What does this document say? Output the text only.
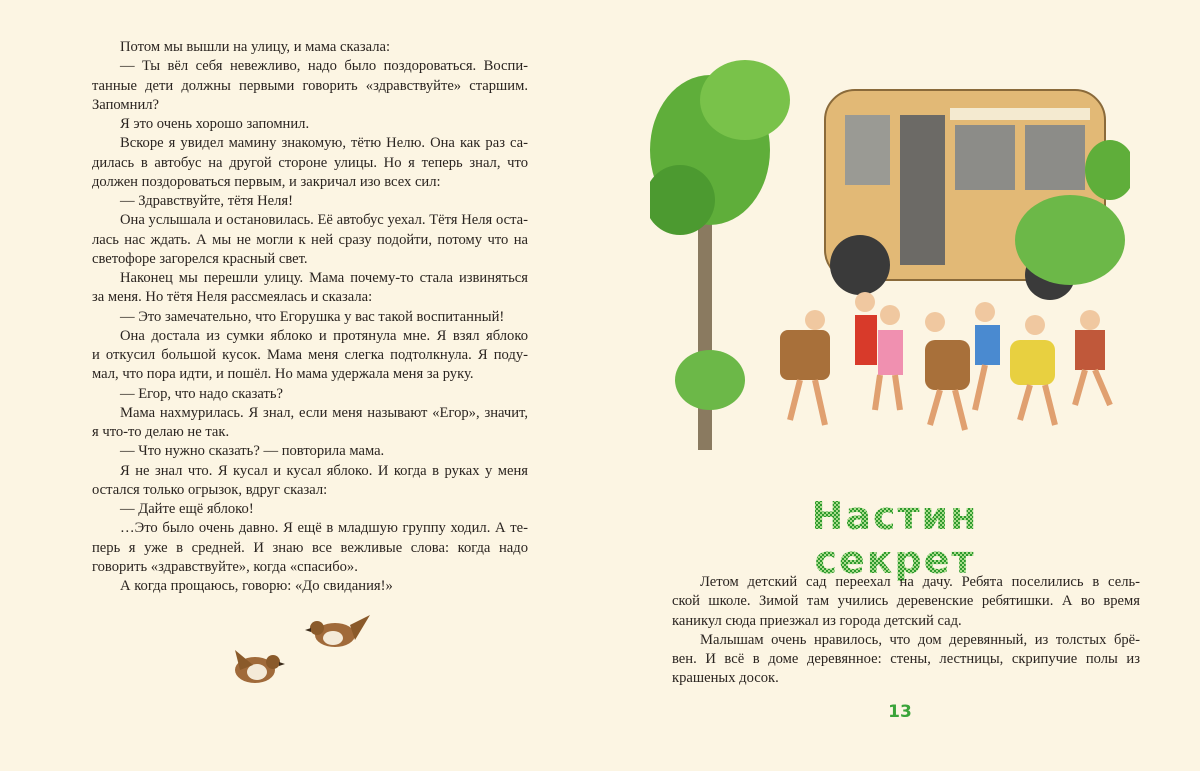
Потом мы вышли на улицу, и мама сказала:
— Ты вёл себя невежливо, надо было поздороваться. Воспи-
танные дети должны первыми говорить «здравствуйте» старшим.
Запомнил?
Я это очень хорошо запомнил.
Вскоре я увидел мамину знакомую, тётю Нелю. Она как раз са-
дилась в автобус на другой стороне улицы. Но я теперь знал, что
должен поздороваться первым, и закричал изо всех сил:
— Здравствуйте, тётя Неля!
Она услышала и остановилась. Её автобус уехал. Тётя Неля оста-
лась нас ждать. А мы не могли к ней сразу подойти, потому что на
светофоре загорелся красный свет.
Наконец мы перешли улицу. Мама почему-то стала извиняться
за меня. Но тётя Неля рассмеялась и сказала:
— Это замечательно, что Егорушка у вас такой воспитанный!
Она достала из сумки яблоко и протянула мне. Я взял яблоко
и откусил большой кусок. Мама меня слегка подтолкнула. Я поду-
мал, что пора идти, и пошёл. Но мама удержала меня за руку.
— Егор, что надо сказать?
Мама нахмурилась. Я знал, если меня называют «Егор», значит,
я что-то делаю не так.
— Что нужно сказать? — повторила мама.
Я не знал что. Я кусал и кусал яблоко. И когда в руках у меня
остался только огрызок, вдруг сказал:
— Дайте ещё яблоко!
…Это было очень давно. Я ещё в младшую группу ходил. А те-
перь я уже в средней. И знаю все вежливые слова: когда надо
говорить «здравствуйте», когда «спасибо».
А когда прощаюсь, говорю: «До свидания!»
Настин секрет
Летом детский сад переехал на дачу. Ребята поселились в сель-
ской школе. Зимой там учились деревенские ребятишки. А во время
каникул сюда приезжал из города детский сад.
Малышам очень нравилось, что дом деревянный, из толстых брё-
вен. И всё в доме деревянное: стены, лестницы, скрипучие полы из
крашеных досок.
13
